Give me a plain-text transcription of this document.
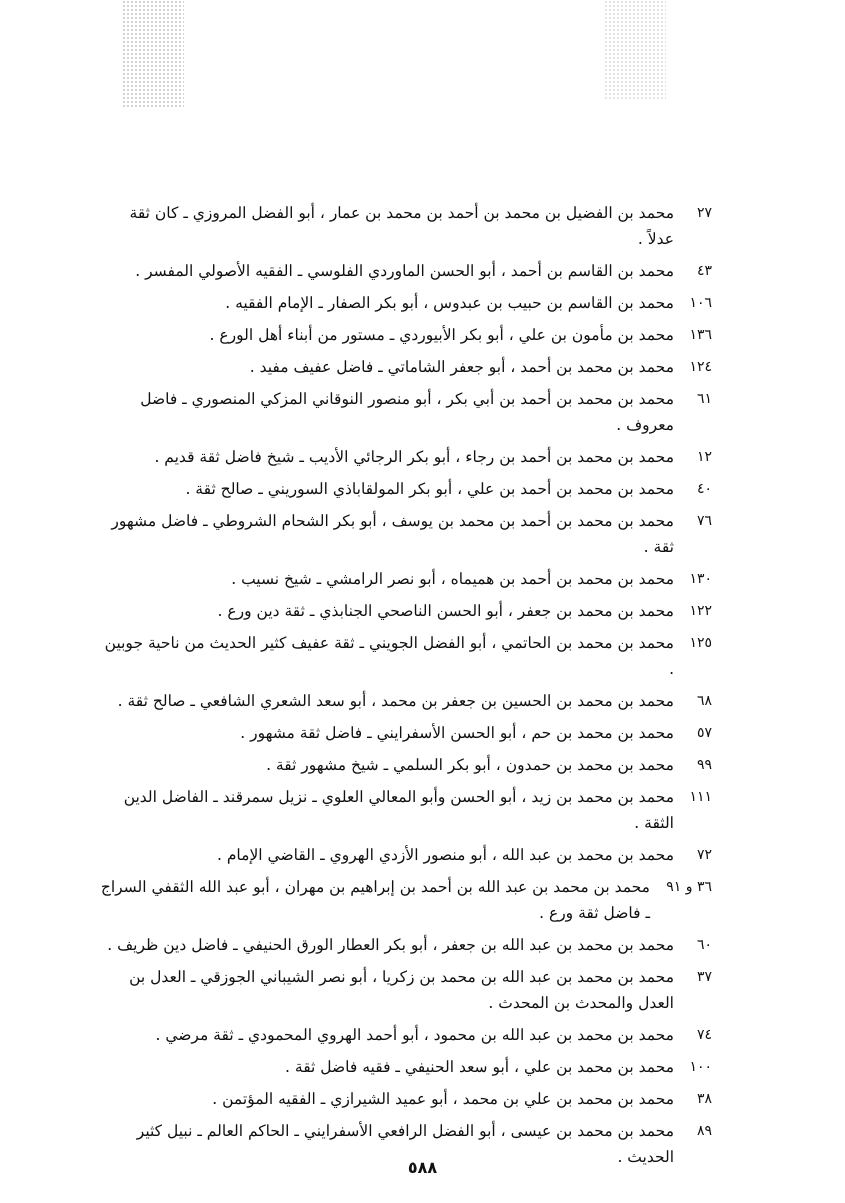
٢٧
محمد بن الفضيل بن محمد بن أحمد بن محمد بن عمار ، أبو الفضل المروزي ـ كان ثقة عدلاً .
٤٣
محمد بن القاسم بن أحمد ، أبو الحسن الماوردي الفلوسي ـ الفقيه الأصولي المفسر .
١٠٦
محمد بن القاسم بن حبيب بن عبدوس ، أبو بكر الصفار ـ الإمام الفقيه .
١٣٦
محمد بن مأمون بن علي ، أبو بكر الأبيوردي ـ مستور من أبناء أهل الورع .
١٢٤
محمد بن محمد بن أحمد ، أبو جعفر الشاماتي ـ فاضل عفيف مفيد .
٦١
محمد بن محمد بن أحمد بن أبي بكر ، أبو منصور النوقاني المزكي المنصوري ـ فاضل معروف .
١٢
محمد بن محمد بن أحمد بن رجاء ، أبو بكر الرجائي الأديب ـ شيخ فاضل ثقة قديم .
٤٠
محمد بن محمد بن أحمد بن علي ، أبو بكر المولقاباذي السوريني ـ صالح ثقة .
٧٦
محمد بن محمد بن أحمد بن محمد بن يوسف ، أبو بكر الشحام الشروطي ـ فاضل مشهور ثقة .
١٣٠
محمد بن محمد بن أحمد بن هميماه ، أبو نصر الرامشي ـ شيخ نسيب .
١٢٢
محمد بن محمد بن جعفر ، أبو الحسن الناصحي الجنابذي ـ ثقة دين ورع .
١٢٥
محمد بن محمد بن الحاتمي ، أبو الفضل الجويني ـ ثقة عفيف كثير الحديث من ناحية جوبين .
٦٨
محمد بن محمد بن الحسين بن جعفر بن محمد ، أبو سعد الشعري الشافعي ـ صالح ثقة .
٥٧
محمد بن محمد بن حم ، أبو الحسن الأسفرايني ـ فاضل ثقة مشهور .
٩٩
محمد بن محمد بن حمدون ، أبو بكر السلمي ـ شيخ مشهور ثقة .
١١١
محمد بن محمد بن زيد ، أبو الحسن وأبو المعالي العلوي ـ نزيل سمرقند ـ الفاضل الدين الثقة .
٧٢
محمد بن محمد بن عبد الله ، أبو منصور الأزدي الهروي ـ القاضي الإمام .
٣٦ و ٩١
محمد بن محمد بن عبد الله بن أحمد بن إبراهيم بن مهران ، أبو عبد الله الثقفي السراج ـ فاضل ثقة ورع .
٦٠
محمد بن محمد بن عبد الله بن جعفر ، أبو بكر العطار الورق الحنيفي ـ فاضل دين ظريف .
٣٧
محمد بن محمد بن عبد الله بن محمد بن زكريا ، أبو نصر الشيباني الجوزقي ـ العدل بن العدل والمحدث بن المحدث .
٧٤
محمد بن محمد بن عبد الله بن محمود ، أبو أحمد الهروي المحمودي ـ ثقة مرضي .
١٠٠
محمد بن محمد بن علي ، أبو سعد الحنيفي ـ فقيه فاضل ثقة .
٣٨
محمد بن محمد بن علي بن محمد ، أبو عميد الشيرازي ـ الفقيه المؤتمن .
٨٩
محمد بن محمد بن عيسى ، أبو الفضل الرافعي الأسفرايني ـ الحاكم العالم ـ نبيل كثير الحديث .
٥٨٨
